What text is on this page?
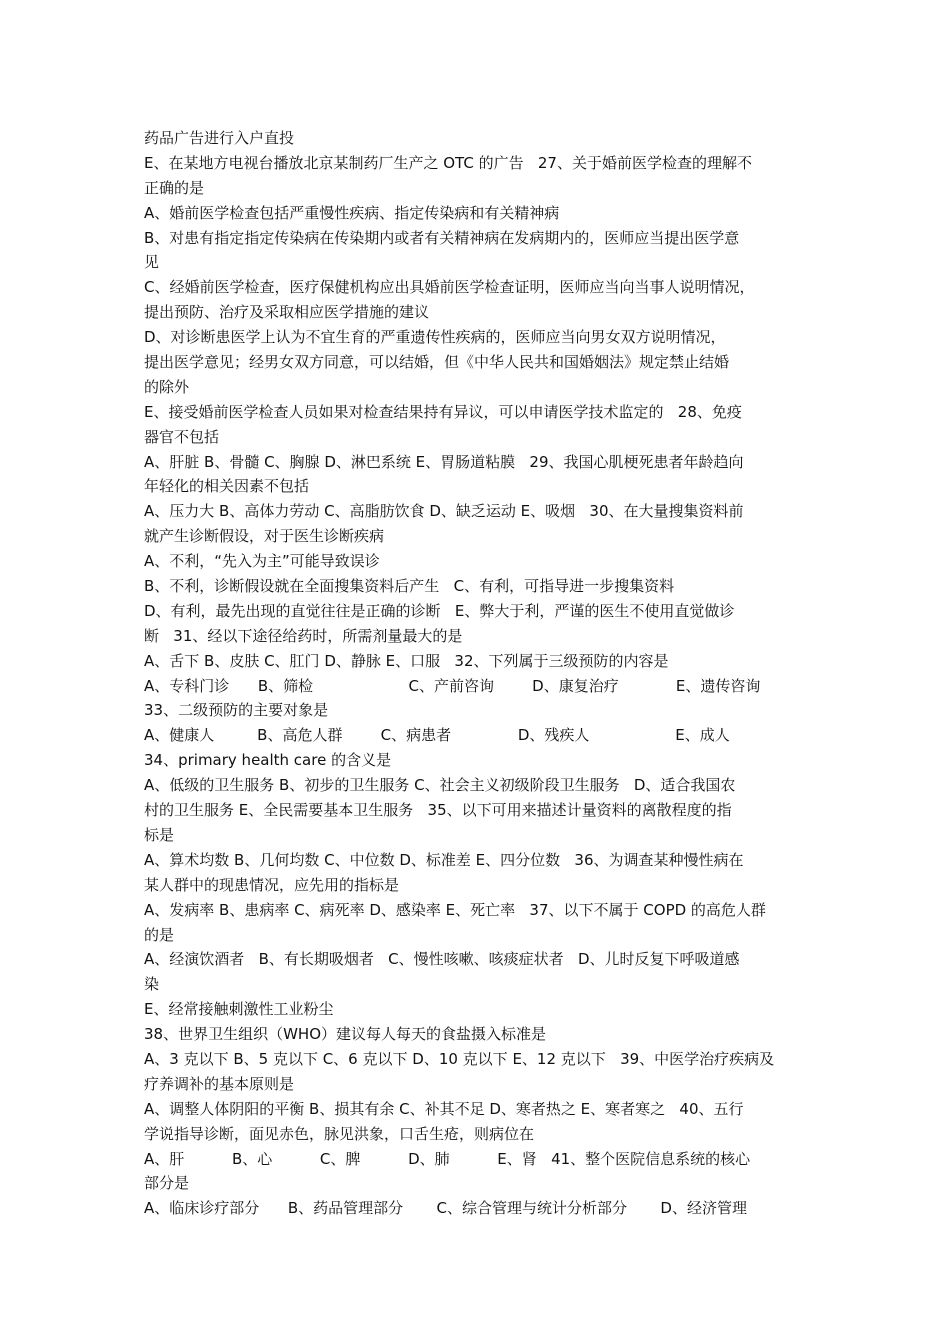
药品广告进行入户直投
E、在某地方电视台播放北京某制药厂生产之 OTC 的广告   27、关于婚前医学检查的理解不
正确的是
A、婚前医学检查包括严重慢性疾病、指定传染病和有关精神病
B、对患有指定指定传染病在传染期内或者有关精神病在发病期内的，医师应当提出医学意
见
C、经婚前医学检查，医疗保健机构应出具婚前医学检查证明，医师应当向当事人说明情况，
提出预防、治疗及采取相应医学措施的建议
D、对诊断患医学上认为不宜生育的严重遗传性疾病的，医师应当向男女双方说明情况，
提出医学意见；经男女双方同意，可以结婚，但《中华人民共和国婚姻法》规定禁止结婚
的除外
E、接受婚前医学检查人员如果对检查结果持有异议，可以申请医学技术监定的   28、免疫
器官不包括
A、肝脏 B、骨髓 C、胸腺 D、淋巴系统 E、胃肠道粘膜   29、我国心肌梗死患者年龄趋向
年轻化的相关因素不包括
A、压力大 B、高体力劳动 C、高脂肪饮食 D、缺乏运动 E、吸烟   30、在大量搜集资料前
就产生诊断假设，对于医生诊断疾病
A、不利，“先入为主”可能导致误诊
B、不利，诊断假设就在全面搜集资料后产生   C、有利，可指导进一步搜集资料
D、有利，最先出现的直觉往往是正确的诊断   E、弊大于利，严谨的医生不使用直觉做诊
断   31、经以下途径给药时，所需剂量最大的是
A、舌下 B、皮肤 C、肛门 D、静脉 E、口服   32、下列属于三级预防的内容是
A、专科门诊      B、筛检                    C、产前咨询        D、康复治疗            E、遗传咨询
33、二级预防的主要对象是
A、健康人         B、高危人群        C、病患者              D、残疾人                  E、成人
34、primary health care 的含义是
A、低级的卫生服务 B、初步的卫生服务 C、社会主义初级阶段卫生服务   D、适合我国农
村的卫生服务 E、全民需要基本卫生服务   35、以下可用来描述计量资料的离散程度的指
标是
A、算术均数 B、几何均数 C、中位数 D、标准差 E、四分位数   36、为调查某种慢性病在
某人群中的现患情况，应先用的指标是
A、发病率 B、患病率 C、病死率 D、感染率 E、死亡率   37、以下不属于 COPD 的高危人群
的是
A、经演饮酒者   B、有长期吸烟者   C、慢性咳嗽、咳痰症状者   D、儿时反复下呼吸道感
染
E、经常接触刺激性工业粉尘
38、世界卫生组织（WHO）建议每人每天的食盐摄入标准是
A、3 克以下 B、5 克以下 C、6 克以下 D、10 克以下 E、12 克以下   39、中医学治疗疾病及
疗养调补的基本原则是
A、调整人体阴阳的平衡 B、损其有余 C、补其不足 D、寒者热之 E、寒者寒之   40、五行
学说指导诊断，面见赤色，脉见洪象，口舌生疮，则病位在
A、肝          B、心          C、脾          D、肺          E、肾   41、整个医院信息系统的核心
部分是
A、临床诊疗部分      B、药品管理部分       C、综合管理与统计分析部分       D、经济管理
